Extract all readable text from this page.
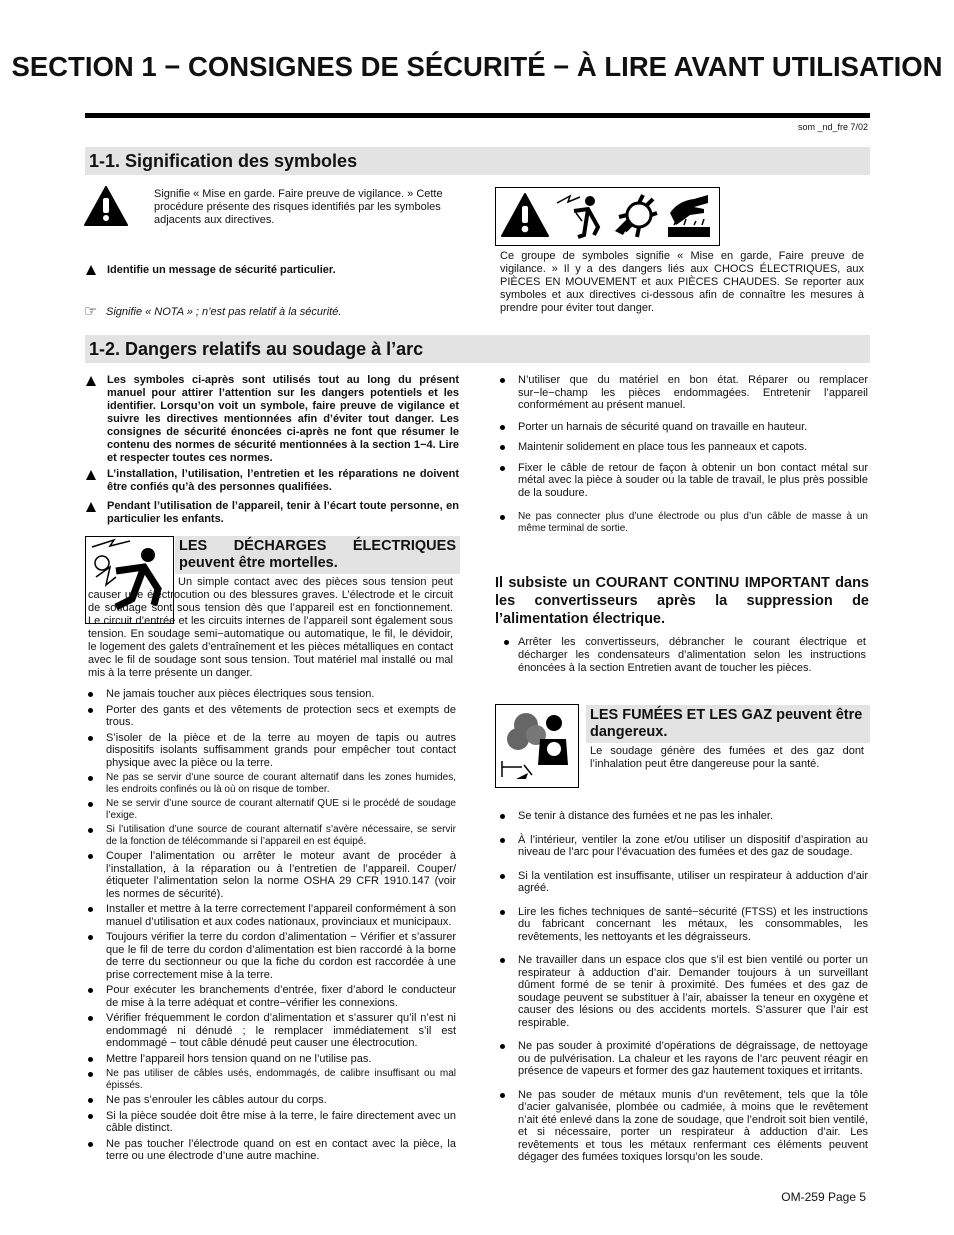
SECTION 1 − CONSIGNES DE SÉCURITÉ − À LIRE AVANT UTILISATION
som _nd_fre 7/02
1-1. Signification des symboles
Signifie « Mise en garde. Faire preuve de vigilance. » Cette procédure présente des risques identifiés par les symboles adjacents aux directives.
Identifie un message de sécurité particulier.
☞ Signifie « NOTA » ; n’est pas relatif à la sécurité.
Ce groupe de symboles signifie « Mise en garde, Faire preuve de vigilance. » Il y a des dangers liés aux CHOCS ÉLECTRIQUES, aux PIÈCES EN MOUVEMENT et aux PIÈCES CHAUDES. Se reporter aux symboles et aux directives ci-dessous afin de connaître les mesures à prendre pour éviter tout danger.
1-2. Dangers relatifs au soudage à l’arc
Les symboles ci-après sont utilisés tout au long du présent manuel pour attirer l’attention sur les dangers potentiels et les identifier. Lorsqu’on voit un symbole, faire preuve de vigilance et suivre les directives mentionnées afin d’éviter tout danger. Les consignes de sécurité énoncées ci-après ne font que résumer le contenu des normes de sécurité mentionnées à la section 1−4. Lire et respecter toutes ces normes.
L’installation, l’utilisation, l’entretien et les réparations ne doivent être confiés qu’à des personnes qualifiées.
Pendant l’utilisation de l’appareil, tenir à l’écart toute personne, en particulier les enfants.
LES DÉCHARGES ÉLECTRIQUES peuvent être mortelles.
Un simple contact avec des pièces sous tension peut causer une électrocution ou des blessures graves. L’électrode et le circuit de soudage sont sous tension dès que l’appareil est en fonctionnement. Le circuit d’entrée et les circuits internes de l’appareil sont également sous tension. En soudage semi−automatique ou automatique, le fil, le dévidoir, le logement des galets d’entraînement et les pièces métalliques en contact avec le fil de soudage sont sous tension. Tout matériel mal installé ou mal mis à la terre présente un danger.
Ne jamais toucher aux pièces électriques sous tension.
Porter des gants et des vêtements de protection secs et exempts de trous.
S’isoler de la pièce et de la terre au moyen de tapis ou autres dispositifs isolants suffisamment grands pour empêcher tout contact physique avec la pièce ou la terre.
Ne pas se servir d’une source de courant alternatif dans les zones humides, les endroits confinés ou là où on risque de tomber.
Ne se servir d’une source de courant alternatif QUE si le procédé de soudage l’exige.
Si l’utilisation d’une source de courant alternatif s’avère nécessaire, se servir de la fonction de télécommande si l’appareil en est équipé.
Couper l’alimentation ou arrêter le moteur avant de procéder à l’installation, à la réparation ou à l’entretien de l’appareil. Couper/étiqueter l’alimentation selon la norme OSHA 29 CFR 1910.147 (voir les normes de sécurité).
Installer et mettre à la terre correctement l’appareil conformément à son manuel d’utilisation et aux codes nationaux, provinciaux et municipaux.
Toujours vérifier la terre du cordon d’alimentation − Vérifier et s’assurer que le fil de terre du cordon d’alimentation est bien raccordé à la borne de terre du sectionneur ou que la fiche du cordon est raccordée à une prise correctement mise à la terre.
Pour exécuter les branchements d’entrée, fixer d’abord le conducteur de mise à la terre adéquat et contre−vérifier les connexions.
Vérifier fréquemment le cordon d’alimentation et s’assurer qu’il n’est ni endommagé ni dénudé ; le remplacer immédiatement s’il est endommagé − tout câble dénudé peut causer une électrocution.
Mettre l’appareil hors tension quand on ne l’utilise pas.
Ne pas utiliser de câbles usés, endommagés, de calibre insuffisant ou mal épissés.
Ne pas s’enrouler les câbles autour du corps.
Si la pièce soudée doit être mise à la terre, le faire directement avec un câble distinct.
Ne pas toucher l’électrode quand on est en contact avec la pièce, la terre ou une électrode d’une autre machine.
N’utiliser que du matériel en bon état. Réparer ou remplacer sur−le−champ les pièces endommagées. Entretenir l’appareil conformément au présent manuel.
Porter un harnais de sécurité quand on travaille en hauteur.
Maintenir solidement en place tous les panneaux et capots.
Fixer le câble de retour de façon à obtenir un bon contact métal sur métal avec la pièce à souder ou la table de travail, le plus près possible de la soudure.
Ne pas connecter plus d’une électrode ou plus d’un câble de masse à un même terminal de sortie.
Il subsiste un COURANT CONTINU IMPORTANT dans les convertisseurs après la suppression de l’alimentation électrique.
Arrêter les convertisseurs, débrancher le courant électrique et décharger les condensateurs d’alimentation selon les instructions énoncées à la section Entretien avant de toucher les pièces.
LES FUMÉES ET LES GAZ peuvent être dangereux.
Le soudage génère des fumées et des gaz dont l’inhalation peut être dangereuse pour la santé.
Se tenir à distance des fumées et ne pas les inhaler.
À l’intérieur, ventiler la zone et/ou utiliser un dispositif d’aspiration au niveau de l’arc pour l’évacuation des fumées et des gaz de soudage.
Si la ventilation est insuffisante, utiliser un respirateur à adduction d’air agréé.
Lire les fiches techniques de santé−sécurité (FTSS) et les instructions du fabricant concernant les métaux, les consommables, les revêtements, les nettoyants et les dégraisseurs.
Ne travailler dans un espace clos que s’il est bien ventilé ou porter un respirateur à adduction d’air. Demander toujours à un surveillant dûment formé de se tenir à proximité. Des fumées et des gaz de soudage peuvent se substituer à l’air, abaisser la teneur en oxygène et causer des lésions ou des accidents mortels. S’assurer que l’air est respirable.
Ne pas souder à proximité d’opérations de dégraissage, de nettoyage ou de pulvérisation. La chaleur et les rayons de l’arc peuvent réagir en présence de vapeurs et former des gaz hautement toxiques et irritants.
Ne pas souder de métaux munis d’un revêtement, tels que la tôle d’acier galvanisée, plombée ou cadmiée, à moins que le revêtement n’ait été enlevé dans la zone de soudage, que l’endroit soit bien ventilé, et si nécessaire, porter un respirateur à adduction d’air. Les revêtements et tous les métaux renfermant ces éléments peuvent dégager des fumées toxiques lorsqu’on les soude.
OM-259 Page 5
